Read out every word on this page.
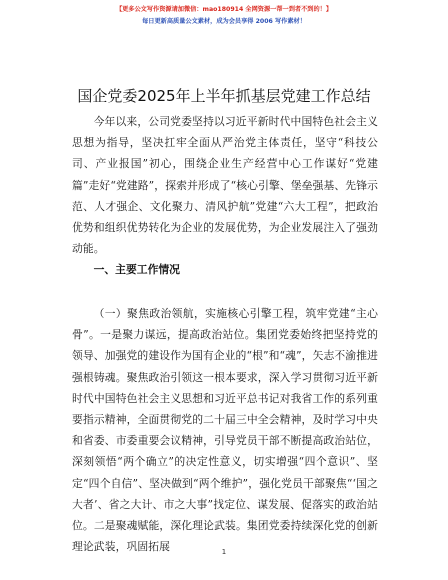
【更多公文写作资源请加微信：mao180914 全网资源一帮一到者不到的！】
每日更新高质量公文素材，成为会员享得 2006 写作素材！
国企党委2025年上半年抓基层党建工作总结

今年以来，公司党委坚持以习近平新时代中国特色社会主义思想为指导，坚决扛牢全面从严治党主体责任，坚守“科技公司、产业报国”初心，围绕企业生产经营中心工作谋好“党建篇”走好“党建路”，探索并形成了“核心引擎、堡垒强基、先锋示范、人才强企、文化聚力、清风护航”党建“六大工程”，把政治优势和组织优势转化为企业的发展优势，为企业发展注入了强劲动能。

一、主要工作情况

（一）聚焦政治领航，实施核心引擎工程，筑牢党建“主心骨”。一是聚力谋远，提高政治站位。集团党委始终把坚持党的领导、加强党的建设作为国有企业的“根”和“魂”，矢志不渝推进强根铸魂。聚焦政治引领这一根本要求，深入学习贯彻习近平新时代中国特色社会主义思想和习近平总书记对我省工作的系列重要指示精神，全面贯彻党的二十届三中全会精神，及时学习中央和省委、市委重要会议精神，引导党员干部不断提高政治站位，深刻领悟“两个确立”的决定性意义，切实增强“四个意识”、坚定“四个自信”、坚决做到“两个维护”，强化党员干部聚焦“‘国之大者’、省之大计、市之大事”找定位、谋发展、促落实的政治站位。二是聚魂赋能，深化理论武装。集团党委持续深化党的创新理论武装，巩固拓展	1
